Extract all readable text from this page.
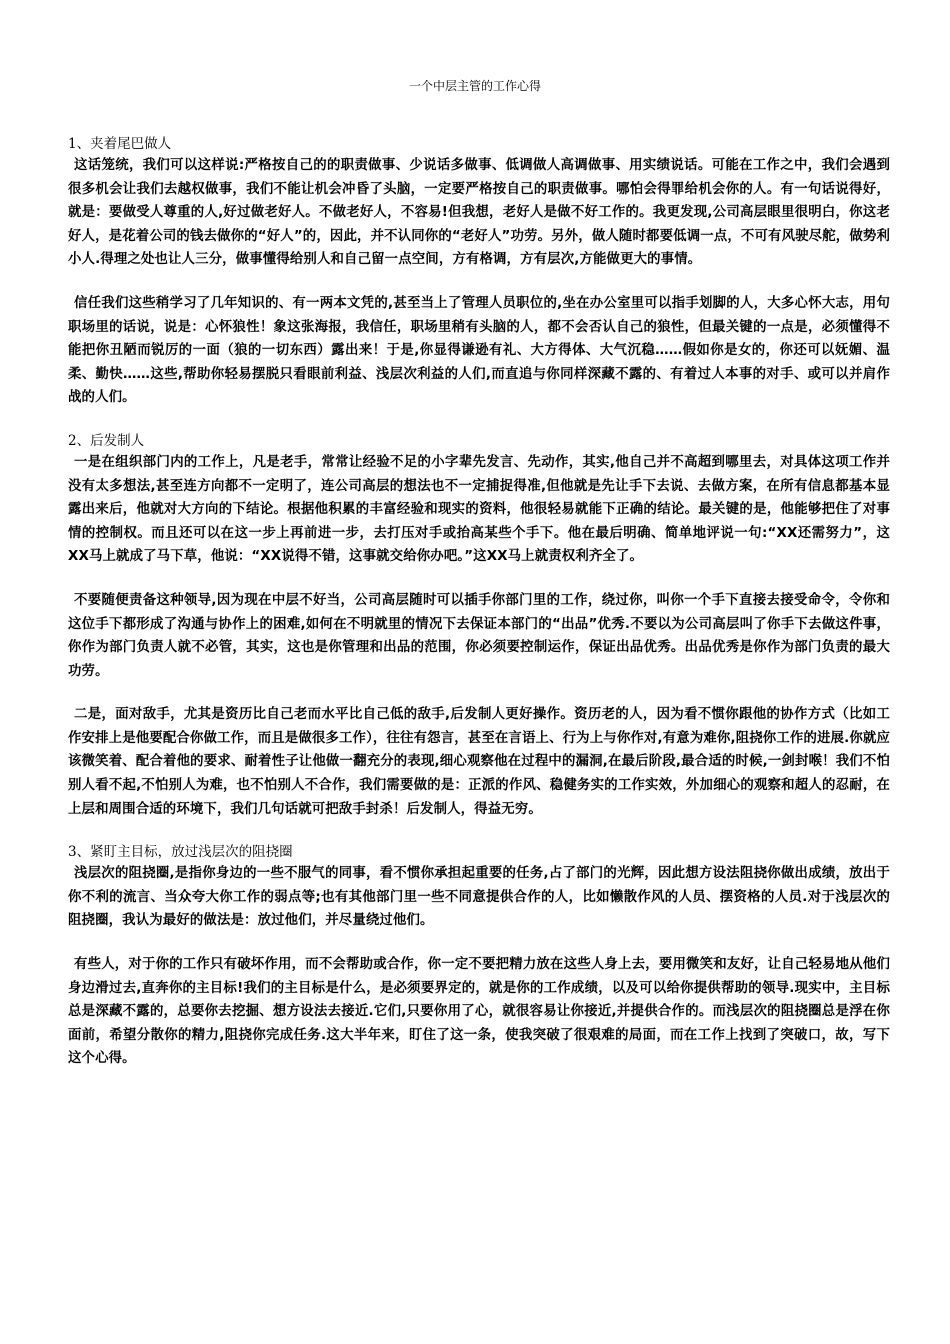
一个中层主管的工作心得

1、夹着尾巴做人

这话笼统，我们可以这样说:严格按自己的的职责做事、少说话多做事、低调做人高调做事、用实绩说话。可能在工作之中，我们会遇到很多机会让我们去越权做事，我们不能让机会冲昏了头脑，一定要严格按自己的职责做事。哪怕会得罪给机会你的人。有一句话说得好，就是：要做受人尊重的人,好过做老好人。不做老好人，不容易!但我想，老好人是做不好工作的。我更发现,公司高层眼里很明白，你这老好人，是花着公司的钱去做你的“好人”的，因此，并不认同你的“老好人”功劳。另外，做人随时都要低调一点，不可有风驶尽舵，做势利小人.得理之处也让人三分，做事懂得给别人和自己留一点空间，方有格调，方有层次,方能做更大的事情。

信任我们这些稍学习了几年知识的、有一两本文凭的,甚至当上了管理人员职位的,坐在办公室里可以指手划脚的人，大多心怀大志，用句职场里的话说，说是：心怀狼性！象这张海报，我信任，职场里稍有头脑的人，都不会否认自己的狼性，但最关键的一点是，必须懂得不能把你丑陋而锐厉的一面（狼的一切东西）露出来！于是,你显得谦逊有礼、大方得体、大气沉稳……假如你是女的，你还可以妩媚、温柔、勤快……这些,帮助你轻易摆脱只看眼前利益、浅层次利益的人们,而直追与你同样深藏不露的、有着过人本事的对手、或可以并肩作战的人们。

2、后发制人

一是在组织部门内的工作上，凡是老手，常常让经验不足的小字辈先发言、先动作，其实,他自己并不高超到哪里去，对具体这项工作并没有太多想法,甚至连方向都不一定明了，连公司高层的想法也不一定捕捉得准,但他就是先让手下去说、去做方案，在所有信息都基本显露出来后，他就对大方向的下结论。根据他积累的丰富经验和现实的资料，他很轻易就能下正确的结论。最关键的是，他能够把住了对事情的控制权。而且还可以在这一步上再前进一步，去打压对手或抬高某些个手下。他在最后明确、简单地评说一句:“XX还需努力”，这XX马上就成了马下草，他说：“XX说得不错，这事就交给你办吧。”这XX马上就责权利齐全了。

不要随便责备这种领导,因为现在中层不好当，公司高层随时可以插手你部门里的工作，绕过你，叫你一个手下直接去接受命令，令你和这位手下都形成了沟通与协作上的困难,如何在不明就里的情况下去保证本部门的“出品”优秀.不要以为公司高层叫了你手下去做这件事，你作为部门负责人就不必管，其实，这也是你管理和出品的范围，你必须要控制运作，保证出品优秀。出品优秀是你作为部门负责的最大功劳。

二是，面对敌手，尤其是资历比自己老而水平比自己低的敌手,后发制人更好操作。资历老的人，因为看不惯你跟他的协作方式（比如工作安排上是他要配合你做工作，而且是做很多工作），往往有怨言，甚至在言语上、行为上与你作对,有意为难你,阻挠你工作的进展.你就应该微笑着、配合着他的要求、耐着性子让他做一翻充分的表现,细心观察他在过程中的漏洞,在最后阶段,最合适的时候,一剑封喉！我们不怕别人看不起,不怕别人为难，也不怕别人不合作，我们需要做的是：正派的作风、稳健务实的工作实效，外加细心的观察和超人的忍耐，在上层和周围合适的环境下，我们几句话就可把敌手封杀！后发制人，得益无穷。

3、紧盯主目标，放过浅层次的阻挠圈

浅层次的阻挠圈,是指你身边的一些不服气的同事，看不惯你承担起重要的任务,占了部门的光辉，因此想方设法阻挠你做出成绩，放出于你不利的流言、当众夸大你工作的弱点等;也有其他部门里一些不同意提供合作的人，比如懒散作风的人员、摆资格的人员.对于浅层次的阻挠圈，我认为最好的做法是：放过他们，并尽量绕过他们。

有些人，对于你的工作只有破坏作用，而不会帮助或合作，你一定不要把精力放在这些人身上去，要用微笑和友好，让自己轻易地从他们身边滑过去,直奔你的主目标!我们的主目标是什么，是必须要界定的，就是你的工作成绩，以及可以给你提供帮助的领导.现实中，主目标总是深藏不露的，总要你去挖掘、想方设法去接近.它们,只要你用了心，就很容易让你接近,并提供合作的。而浅层次的阻挠圈总是浮在你面前，希望分散你的精力,阻挠你完成任务.这大半年来，盯住了这一条，使我突破了很艰难的局面，而在工作上找到了突破口，故，写下这个心得。
